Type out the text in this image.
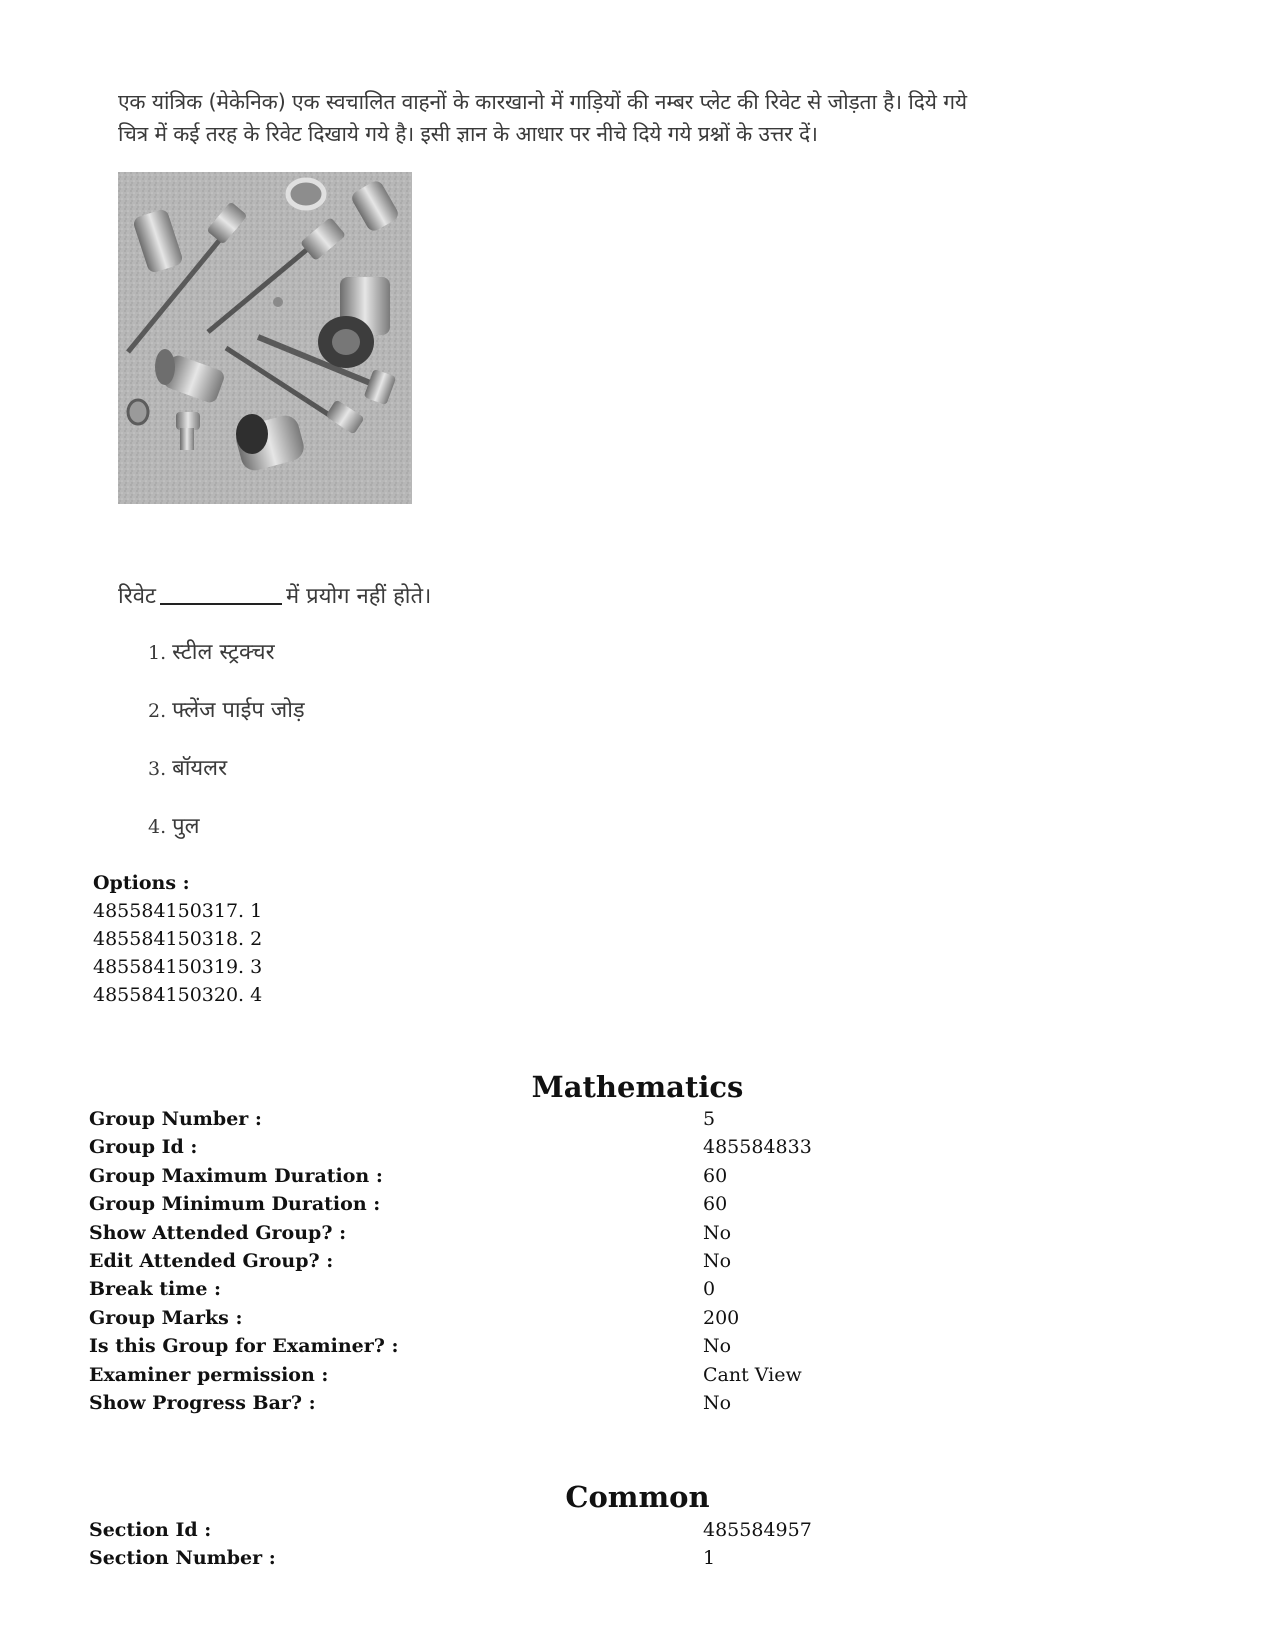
एक यांत्रिक (मेकेनिक) एक स्वचालित वाहनों के कारखानो में गाड़ियों की नम्बर प्लेट की रिवेट से जोड़ता है। दिये गये
चित्र में कई तरह के रिवेट दिखाये गये है। इसी ज्ञान के आधार पर नीचे दिये गये प्रश्नों के उत्तर दें।
रिवेट	में प्रयोग नहीं होते।
1. स्टील स्ट्रक्चर
2. फ्लेंज पाईप जोड़
3. बॉयलर
4. पुल
Options :
485584150317. 1
485584150318. 2
485584150319. 3
485584150320. 4
Mathematics
Group Number :	5
Group Id :	485584833
Group Maximum Duration :	60
Group Minimum Duration :	60
Show Attended Group? :	No
Edit Attended Group? :	No
Break time :	0
Group Marks :	200
Is this Group for Examiner? :	No
Examiner permission :	Cant View
Show Progress Bar? :	No
Common
Section Id :	485584957
Section Number :	1
